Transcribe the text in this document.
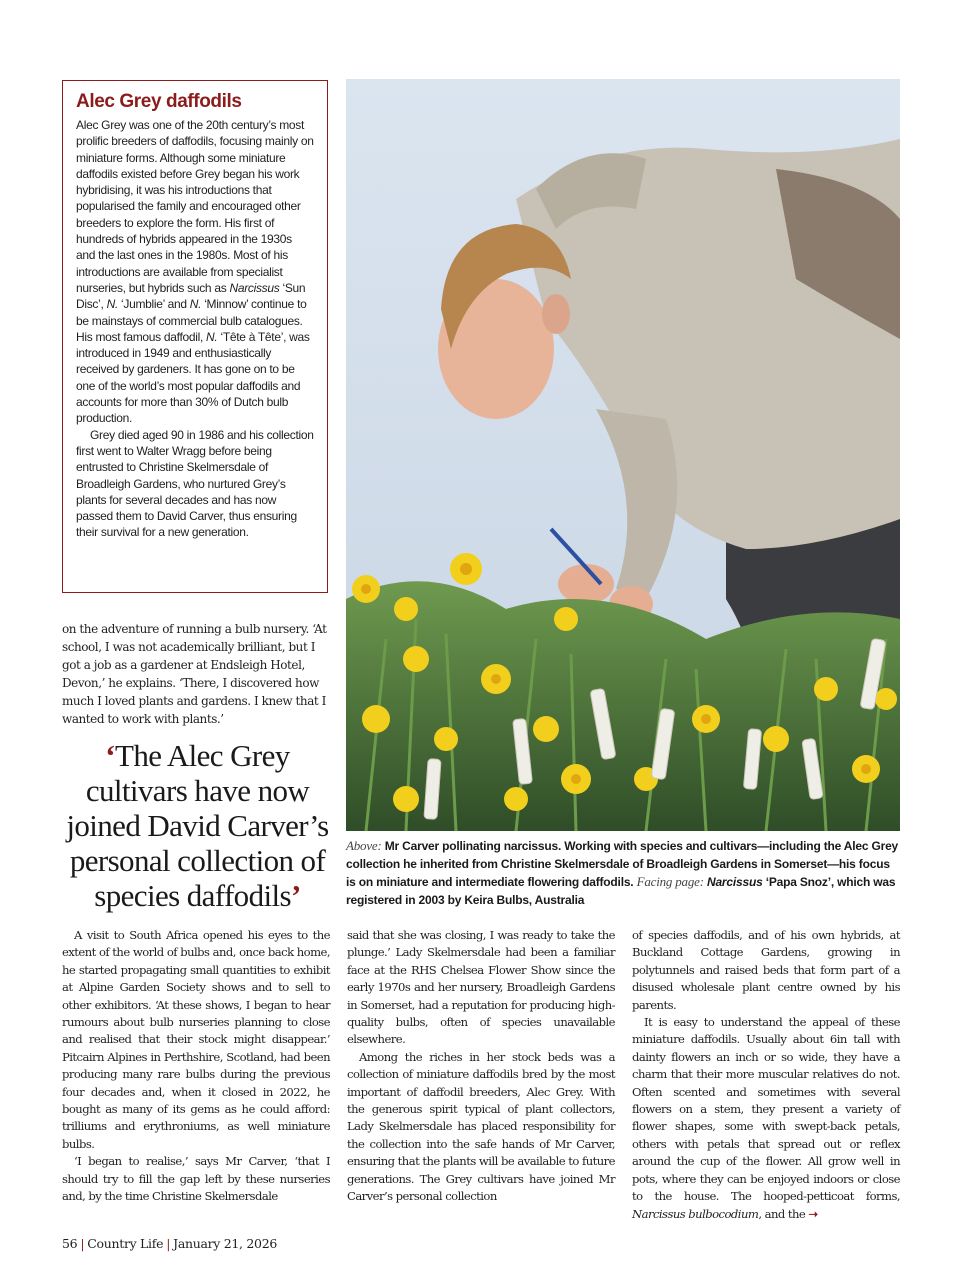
Alec Grey daffodils

Alec Grey was one of the 20th century’s most prolific breeders of daffodils, focusing mainly on miniature forms. Although some miniature daffodils existed before Grey began his work hybridising, it was his introductions that popularised the family and encouraged other breeders to explore the form. His first of hundreds of hybrids appeared in the 1930s and the last ones in the 1980s. Most of his introductions are available from specialist nurseries, but hybrids such as Narcissus ‘Sun Disc’, N. ‘Jumblie’ and N. ‘Minnow’ continue to be mainstays of commercial bulb catalogues. His most famous daffodil, N. ‘Tête à Tête’, was introduced in 1949 and enthusiastically received by gardeners. It has gone on to be one of the world’s most popular daffodils and accounts for more than 30% of Dutch bulb production.

Grey died aged 90 in 1986 and his collection first went to Walter Wragg before being entrusted to Christine Skelmersdale of Broadleigh Gardens, who nurtured Grey’s plants for several decades and has now passed them to David Carver, thus ensuring their survival for a new generation.

on the adventure of running a bulb nursery. ‘At school, I was not academically brilliant, but I got a job as a gardener at Endsleigh Hotel, Devon,’ he explains. ‘There, I discovered how much I loved plants and gardens. I knew that I wanted to work with plants.’

‘The Alec Grey cultivars have now joined David Carver’s personal collection of species daffodils’

Above: Mr Carver pollinating narcissus. Working with species and cultivars—including the Alec Grey collection he inherited from Christine Skelmersdale of Broadleigh Gardens in Somerset—his focus is on miniature and intermediate flowering daffodils. Facing page: Narcissus ‘Papa Snoz’, which was registered in 2003 by Keira Bulbs, Australia

A visit to South Africa opened his eyes to the extent of the world of bulbs and, once back home, he started propagating small quantities to exhibit at Alpine Garden Society shows and to sell to other exhibitors. ‘At these shows, I began to hear rumours about bulb nurseries planning to close and realised that their stock might disappear.’ Pitcairn Alpines in Perthshire, Scotland, had been producing many rare bulbs during the previous four decades and, when it closed in 2022, he bought as many of its gems as he could afford: trilliums and erythroniums, as well miniature bulbs.

‘I began to realise,’ says Mr Carver, ‘that I should try to fill the gap left by these nurseries and, by the time Christine Skelmersdale

said that she was closing, I was ready to take the plunge.’ Lady Skelmersdale had been a familiar face at the RHS Chelsea Flower Show since the early 1970s and her nursery, Broadleigh Gardens in Somerset, had a reputation for producing high-quality bulbs, often of species unavailable elsewhere.

Among the riches in her stock beds was a collection of miniature daffodils bred by the most important of daffodil breeders, Alec Grey. With the generous spirit typical of plant collectors, Lady Skelmersdale has placed responsibility for the collection into the safe hands of Mr Carver, ensuring that the plants will be available to future generations. The Grey cultivars have joined Mr Carver’s personal collection

of species daffodils, and of his own hybrids, at Buckland Cottage Gardens, growing in polytunnels and raised beds that form part of a disused wholesale plant centre owned by his parents.

It is easy to understand the appeal of these miniature daffodils. Usually about 6in tall with dainty flowers an inch or so wide, they have a charm that their more muscular relatives do not. Often scented and sometimes with several flowers on a stem, they present a variety of flower shapes, some with swept-back petals, others with petals that spread out or reflex around the cup of the flower. All grow well in pots, where they can be enjoyed indoors or close to the house. The hooped-petticoat forms, Narcissus bulbocodium, and the ➝

56 | Country Life | January 21, 2026
